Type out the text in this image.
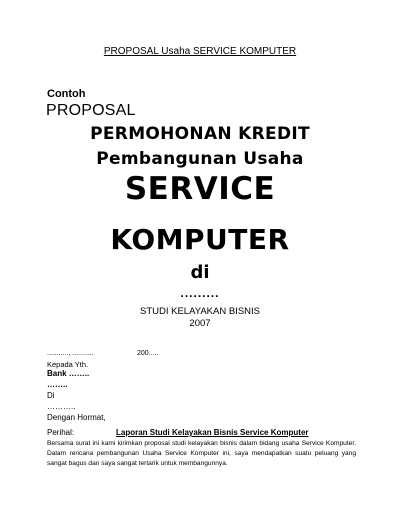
PROPOSAL Usaha SERVICE KOMPUTER
Contoh
PROPOSAL
PERMOHONAN KREDIT
Pembangunan Usaha
SERVICE
KOMPUTER
di
.........
STUDI KELAYAKAN BISNIS
2007
..........., ...........	200.....
Kepada Yth.
Bank ……..
……..
Di
………..
Dengan Hormat,
Perihal:	Laporan Studi Kelayakan Bisnis Service Komputer
Bersama surat ini kami kirimkan proposal studi kelayakan bisnis dalam bidang usaha Service Komputer. Dalam rencana pembangunan Usaha Service Komputer ini, saya mendapatkan suatu peluang yang sangat bagus dan saya sangat tertarik untuk membangunnya.
